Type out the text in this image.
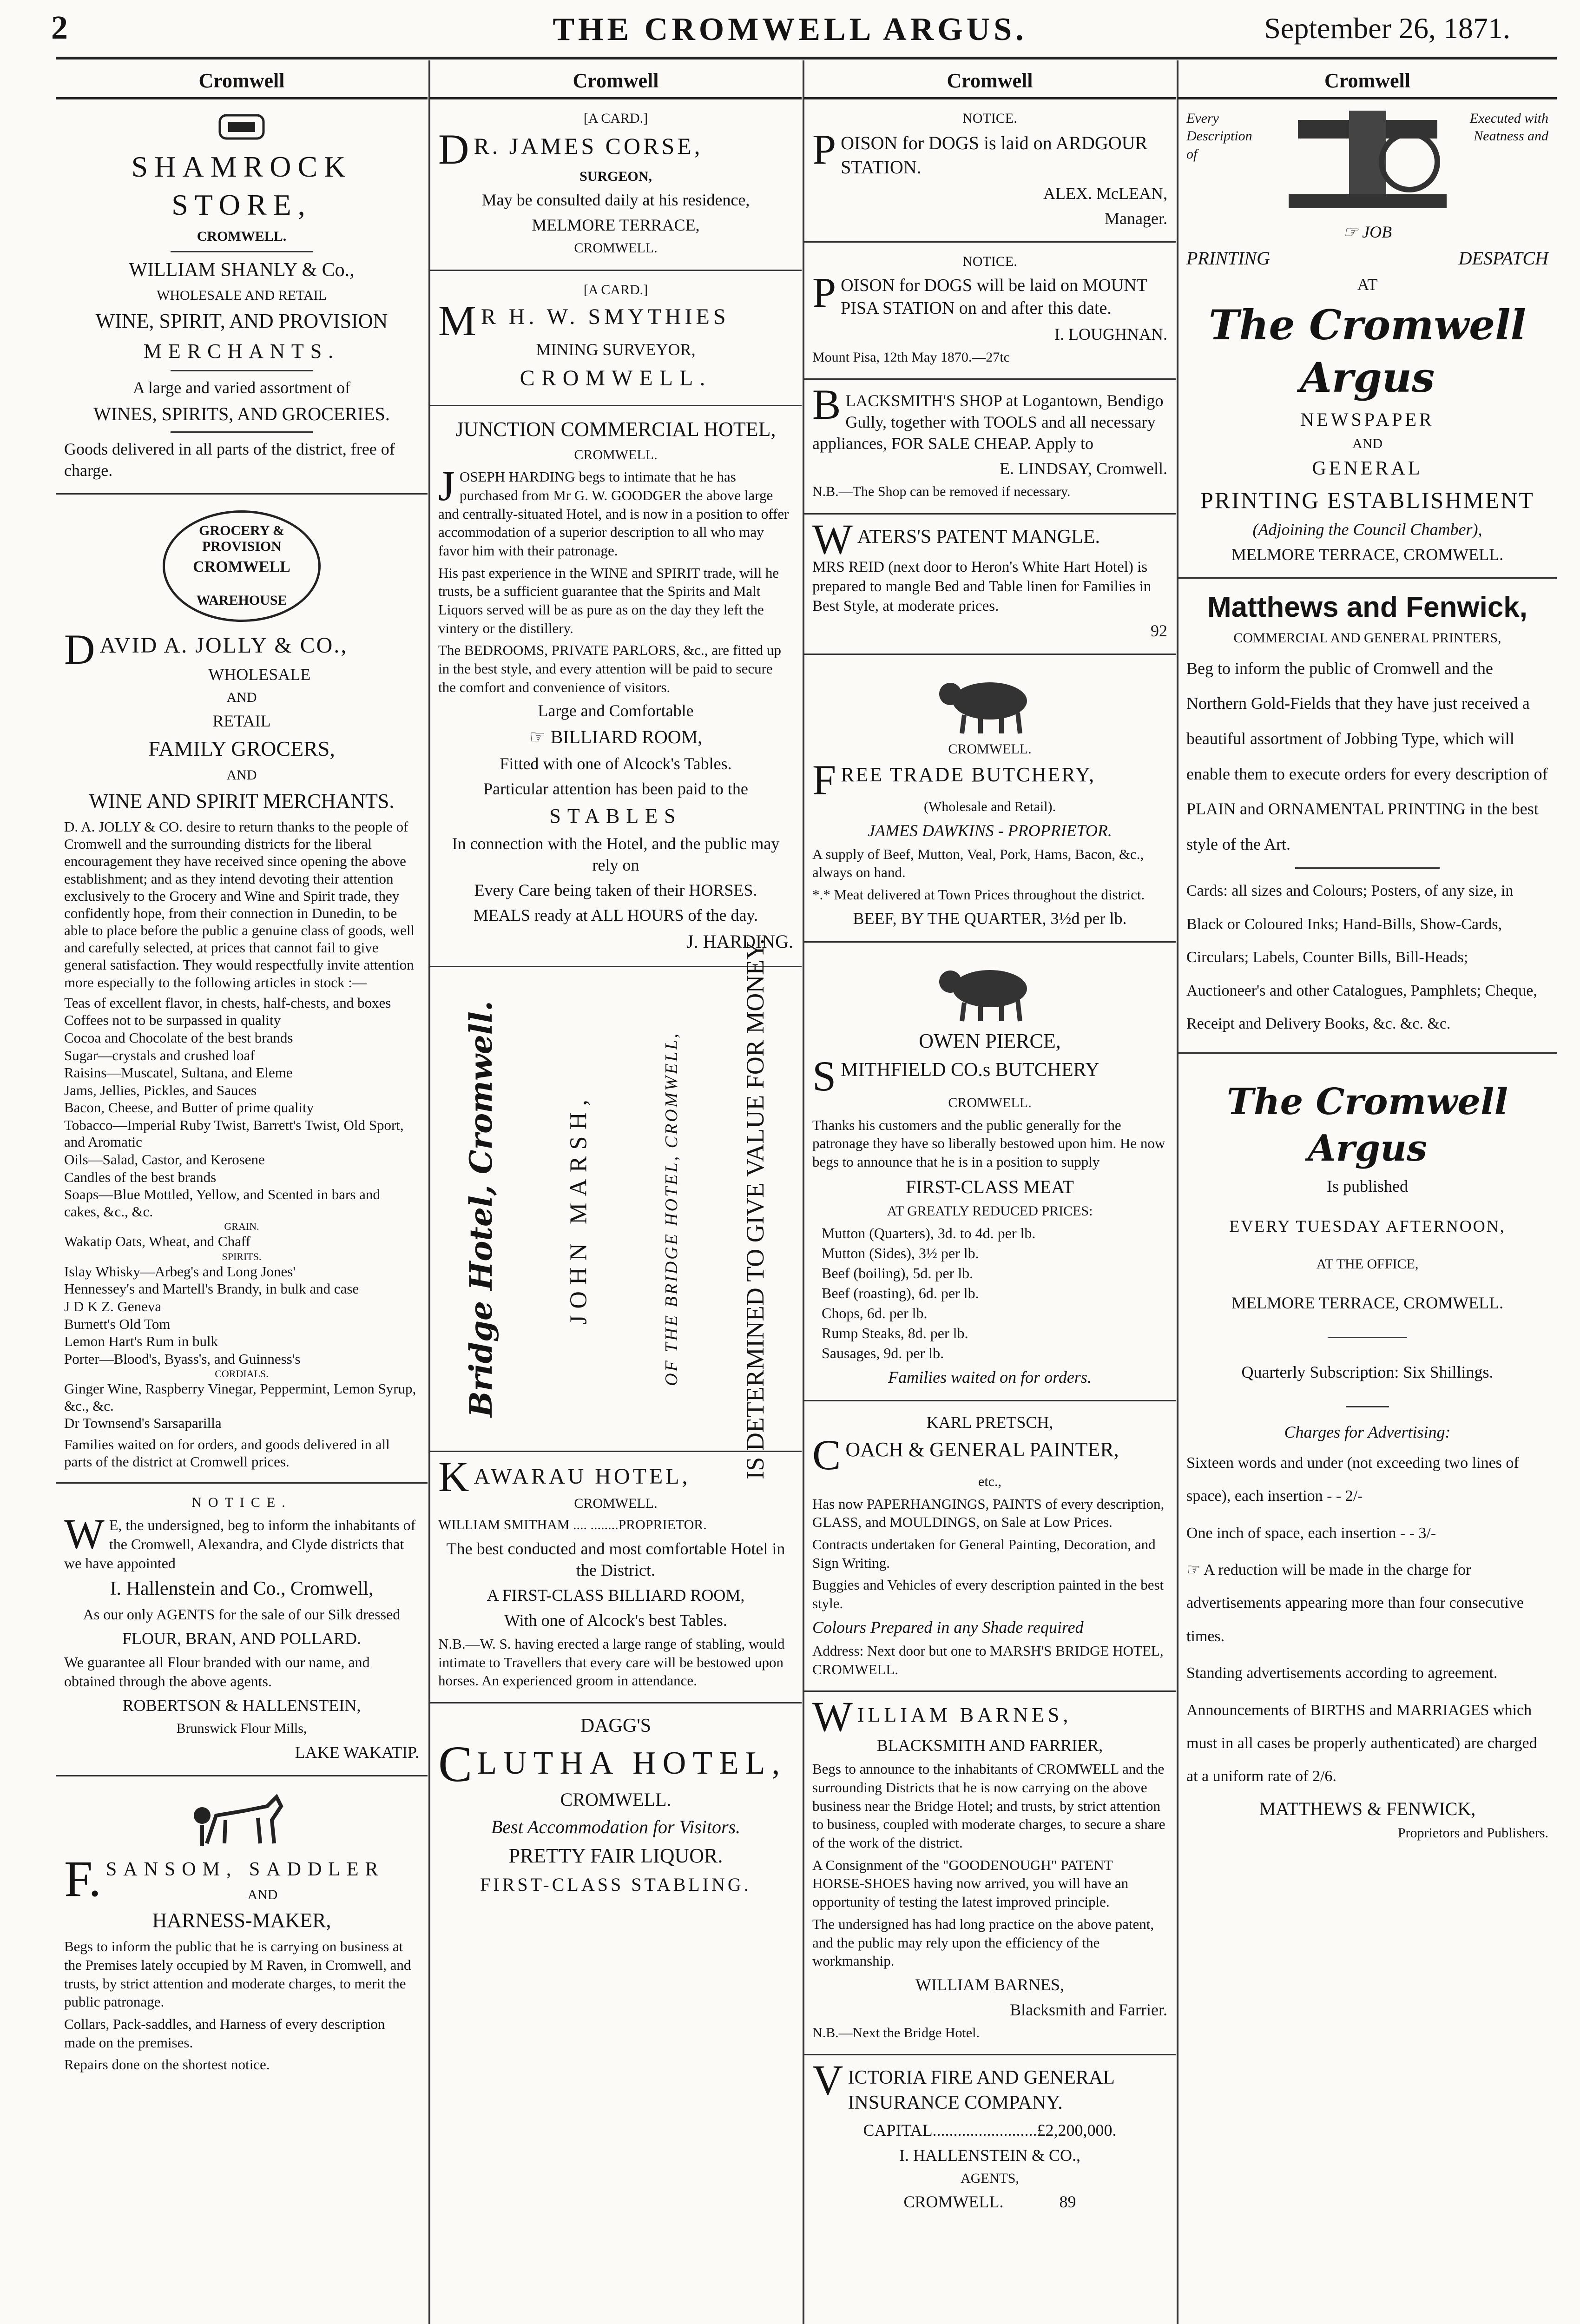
2	THE CROMWELL ARGUS.	September 26, 1871.
Cromwell

SHAMROCK STORE,

CROMWELL.

WILLIAM SHANLY & Co.,

WHOLESALE AND RETAIL

WINE, SPIRIT, AND PROVISION

MERCHANTS.

A large and varied assortment of

WINES, SPIRITS, AND GROCERIES.

Goods delivered in all parts of the district, free of charge.

GROCERY & PROVISION
CROMWELL
WAREHOUSE
D AVID A. JOLLY & CO.,

WHOLESALE

AND

RETAIL

FAMILY GROCERS,

AND

WINE AND SPIRIT MERCHANTS.

D. A. JOLLY & CO. desire to return thanks to the people of Cromwell and the surrounding districts for the liberal encouragement they have received since opening the above establishment; and as they intend devoting their attention exclusively to the Grocery and Wine and Spirit trade, they confidently hope, from their connection in Dunedin, to be able to place before the public a genuine class of goods, well and carefully selected, at prices that cannot fail to give general satisfaction. They would respectfully invite attention more especially to the following articles in stock :—

Teas of excellent flavor, in chests, half-chests, and boxes

Coffees not to be surpassed in quality

Cocoa and Chocolate of the best brands

Sugar—crystals and crushed loaf

Raisins—Muscatel, Sultana, and Eleme

Jams, Jellies, Pickles, and Sauces

Bacon, Cheese, and Butter of prime quality

Tobacco—Imperial Ruby Twist, Barrett's Twist, Old Sport, and Aromatic

Oils—Salad, Castor, and Kerosene

Candles of the best brands

Soaps—Blue Mottled, Yellow, and Scented in bars and cakes, &c., &c.

GRAIN.

Wakatip Oats, Wheat, and Chaff

SPIRITS.

Islay Whisky—Arbeg's and Long Jones'

Hennessey's and Martell's Brandy, in bulk and case

J D K Z. Geneva

Burnett's Old Tom

Lemon Hart's Rum in bulk

Porter—Blood's, Byass's, and Guinness's

CORDIALS.

Ginger Wine, Raspberry Vinegar, Peppermint, Lemon Syrup, &c., &c.

Dr Townsend's Sarsaparilla

Families waited on for orders, and goods delivered in all parts of the district at Cromwell prices.

NOTICE.

W E, the undersigned, beg to inform the inhabitants of the Cromwell, Alexandra, and Clyde districts that we have appointed

I. Hallenstein and Co., Cromwell,

As our only AGENTS for the sale of our Silk dressed

FLOUR, BRAN, AND POLLARD.

We guarantee all Flour branded with our name, and obtained through the above agents.

ROBERTSON & HALLENSTEIN,

Brunswick Flour Mills,

LAKE WAKATIP.

F. SANSOM, SADDLER

AND

HARNESS-MAKER,

Begs to inform the public that he is carrying on business at the Premises lately occupied by M Raven, in Cromwell, and trusts, by strict attention and moderate charges, to merit the public patronage.

Collars, Pack-saddles, and Harness of every description made on the premises.

Repairs done on the shortest notice.

Cromwell

[A CARD.]

D R. JAMES CORSE,

SURGEON,

May be consulted daily at his residence,

MELMORE TERRACE,

CROMWELL.

[A CARD.]

M R H. W. SMYTHIES

MINING SURVEYOR,

CROMWELL.

JUNCTION COMMERCIAL HOTEL,

CROMWELL.

J OSEPH HARDING begs to intimate that he has purchased from Mr G. W. GOODGER the above large and centrally-situated Hotel, and is now in a position to offer accommodation of a superior description to all who may favor him with their patronage.

His past experience in the WINE and SPIRIT trade, will he trusts, be a sufficient guarantee that the Spirits and Malt Liquors served will be as pure as on the day they left the vintery or the distillery.

The BEDROOMS, PRIVATE PARLORS, &c., are fitted up in the best style, and every attention will be paid to secure the comfort and convenience of visitors.

Large and Comfortable

☞ BILLIARD ROOM,

Fitted with one of Alcock's Tables.

Particular attention has been paid to the

STABLES

In connection with the Hotel, and the public may rely on

Every Care being taken of their HORSES.

MEALS ready at ALL HOURS of the day.

J. HARDING.

Bridge Hotel, Cromwell.	JOHN MARSH,	OF THE BRIDGE HOTEL, CROMWELL, IS DETERMINED TO GIVE VALUE FOR MONEY.
K AWARAU HOTEL,

CROMWELL.

WILLIAM SMITHAM .... ........PROPRIETOR.

The best conducted and most comfortable Hotel in the District.

A FIRST-CLASS BILLIARD ROOM,

With one of Alcock's best Tables.

N.B.—W. S. having erected a large range of stabling, would intimate to Travellers that every care will be bestowed upon horses. An experienced groom in attendance.

DAGG'S

C LUTHA HOTEL,

CROMWELL.

Best Accommodation for Visitors.

PRETTY FAIR LIQUOR.

FIRST-CLASS STABLING.

Cromwell

NOTICE.

P OISON for DOGS is laid on ARDGOUR STATION.

ALEX. McLEAN,

Manager.

NOTICE.

P OISON for DOGS will be laid on MOUNT PISA STATION on and after this date.

I. LOUGHNAN.

Mount Pisa, 12th May 1870.—27tc

B LACKSMITH'S SHOP at Logantown, Bendigo Gully, together with TOOLS and all necessary appliances, FOR SALE CHEAP. Apply to

E. LINDSAY, Cromwell.

N.B.—The Shop can be removed if necessary.

W ATERS'S PATENT MANGLE.

MRS REID (next door to Heron's White Hart Hotel) is prepared to mangle Bed and Table linen for Families in Best Style, at moderate prices.

92

CROMWELL.

F REE TRADE BUTCHERY,

(Wholesale and Retail).

JAMES DAWKINS - PROPRIETOR.

A supply of Beef, Mutton, Veal, Pork, Hams, Bacon, &c., always on hand.

*.* Meat delivered at Town Prices throughout the district.

BEEF, BY THE QUARTER, 3½d per lb.

OWEN PIERCE,

S MITHFIELD CO.s BUTCHERY

CROMWELL.

Thanks his customers and the public generally for the patronage they have so liberally bestowed upon him. He now begs to announce that he is in a position to supply

FIRST-CLASS MEAT

AT GREATLY REDUCED PRICES:

Mutton (Quarters), 3d. to 4d. per lb.

Mutton (Sides), 3½ per lb.

Beef (boiling), 5d. per lb.

Beef (roasting), 6d. per lb.

Chops, 6d. per lb.

Rump Steaks, 8d. per lb.

Sausages, 9d. per lb.

Families waited on for orders.

KARL PRETSCH,

C OACH & GENERAL PAINTER,

etc.,

Has now PAPERHANGINGS, PAINTS of every description, GLASS, and MOULDINGS, on Sale at Low Prices.

Contracts undertaken for General Painting, Decoration, and Sign Writing.

Buggies and Vehicles of every description painted in the best style.

Colours Prepared in any Shade required

Address: Next door but one to MARSH'S BRIDGE HOTEL, CROMWELL.

W ILLIAM BARNES,

BLACKSMITH AND FARRIER,

Begs to announce to the inhabitants of CROMWELL and the surrounding Districts that he is now carrying on the above business near the Bridge Hotel; and trusts, by strict attention to business, coupled with moderate charges, to secure a share of the work of the district.

A Consignment of the "GOODENOUGH" PATENT HORSE-SHOES having now arrived, you will have an opportunity of testing the latest improved principle.

The undersigned has had long practice on the above patent, and the public may rely upon the efficiency of the workmanship.

WILLIAM BARNES,

Blacksmith and Farrier.

N.B.—Next the Bridge Hotel.

V ICTORIA FIRE AND GENERAL INSURANCE COMPANY.

CAPITAL.........................£2,200,000.

I. HALLENSTEIN & CO.,

AGENTS,

CROMWELL.	89

Cromwell

Every Description of

Executed with Neatness and

☞ JOB

PRINTING	DESPATCH

AT

The Cromwell Argus

NEWSPAPER

AND

GENERAL

PRINTING ESTABLISHMENT

(Adjoining the Council Chamber),

MELMORE TERRACE, CROMWELL.

Matthews and Fenwick,

COMMERCIAL AND GENERAL PRINTERS,

Beg to inform the public of Cromwell and the Northern Gold-Fields that they have just received a beautiful assortment of Jobbing Type, which will enable them to execute orders for every description of PLAIN and ORNAMENTAL PRINTING in the best style of the Art.

Cards: all sizes and Colours; Posters, of any size, in Black or Coloured Inks; Hand-Bills, Show-Cards, Circulars; Labels, Counter Bills, Bill-Heads; Auctioneer's and other Catalogues, Pamphlets; Cheque, Receipt and Delivery Books, &c. &c. &c.

The Cromwell Argus

Is published

EVERY TUESDAY AFTERNOON,

AT THE OFFICE,

MELMORE TERRACE, CROMWELL.

Quarterly Subscription: Six Shillings.

Charges for Advertising:

Sixteen words and under (not exceeding two lines of space), each insertion - - 2/-

One inch of space, each insertion - - 3/-

☞ A reduction will be made in the charge for advertisements appearing more than four consecutive times.

Standing advertisements according to agreement.

Announcements of BIRTHS and MARRIAGES which must in all cases be properly authenticated) are charged at a uniform rate of 2/6.

MATTHEWS & FENWICK,

Proprietors and Publishers.
